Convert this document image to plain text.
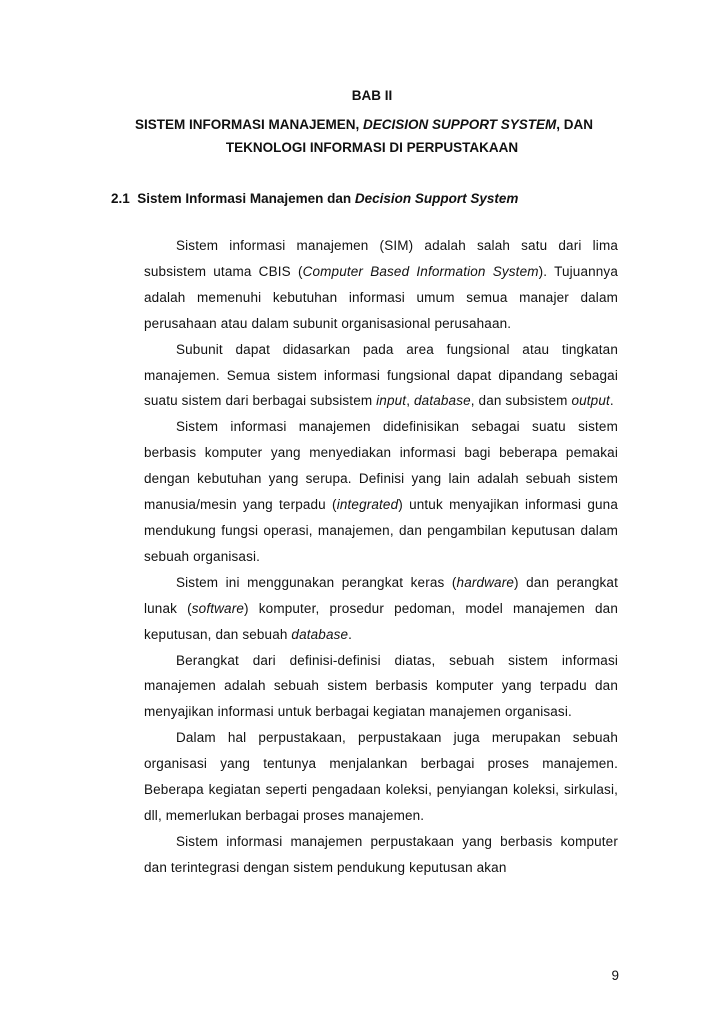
BAB II
SISTEM INFORMASI MANAJEMEN, DECISION SUPPORT SYSTEM, DAN
TEKNOLOGI INFORMASI DI PERPUSTAKAAN
2.1 Sistem Informasi Manajemen dan Decision Support System

Sistem informasi manajemen (SIM) adalah salah satu dari lima subsistem utama CBIS (Computer Based Information System). Tujuannya adalah memenuhi kebutuhan informasi umum semua manajer dalam perusahaan atau dalam subunit organisasional perusahaan.

Subunit dapat didasarkan pada area fungsional atau tingkatan manajemen. Semua sistem informasi fungsional dapat dipandang sebagai suatu sistem dari berbagai subsistem input, database, dan subsistem output.

Sistem informasi manajemen didefinisikan sebagai suatu sistem berbasis komputer yang menyediakan informasi bagi beberapa pemakai dengan kebutuhan yang serupa. Definisi yang lain adalah sebuah sistem manusia/mesin yang terpadu (integrated) untuk menyajikan informasi guna mendukung fungsi operasi, manajemen, dan pengambilan keputusan dalam sebuah organisasi.

Sistem ini menggunakan perangkat keras (hardware) dan perangkat lunak (software) komputer, prosedur pedoman, model manajemen dan keputusan, dan sebuah database.

Berangkat dari definisi-definisi diatas, sebuah sistem informasi manajemen adalah sebuah sistem berbasis komputer yang terpadu dan menyajikan informasi untuk berbagai kegiatan manajemen organisasi.

Dalam hal perpustakaan, perpustakaan juga merupakan sebuah organisasi yang tentunya menjalankan berbagai proses manajemen. Beberapa kegiatan seperti pengadaan koleksi, penyiangan koleksi, sirkulasi, dll, memerlukan berbagai proses manajemen.

Sistem informasi manajemen perpustakaan yang berbasis komputer dan terintegrasi dengan sistem pendukung keputusan akan

9
